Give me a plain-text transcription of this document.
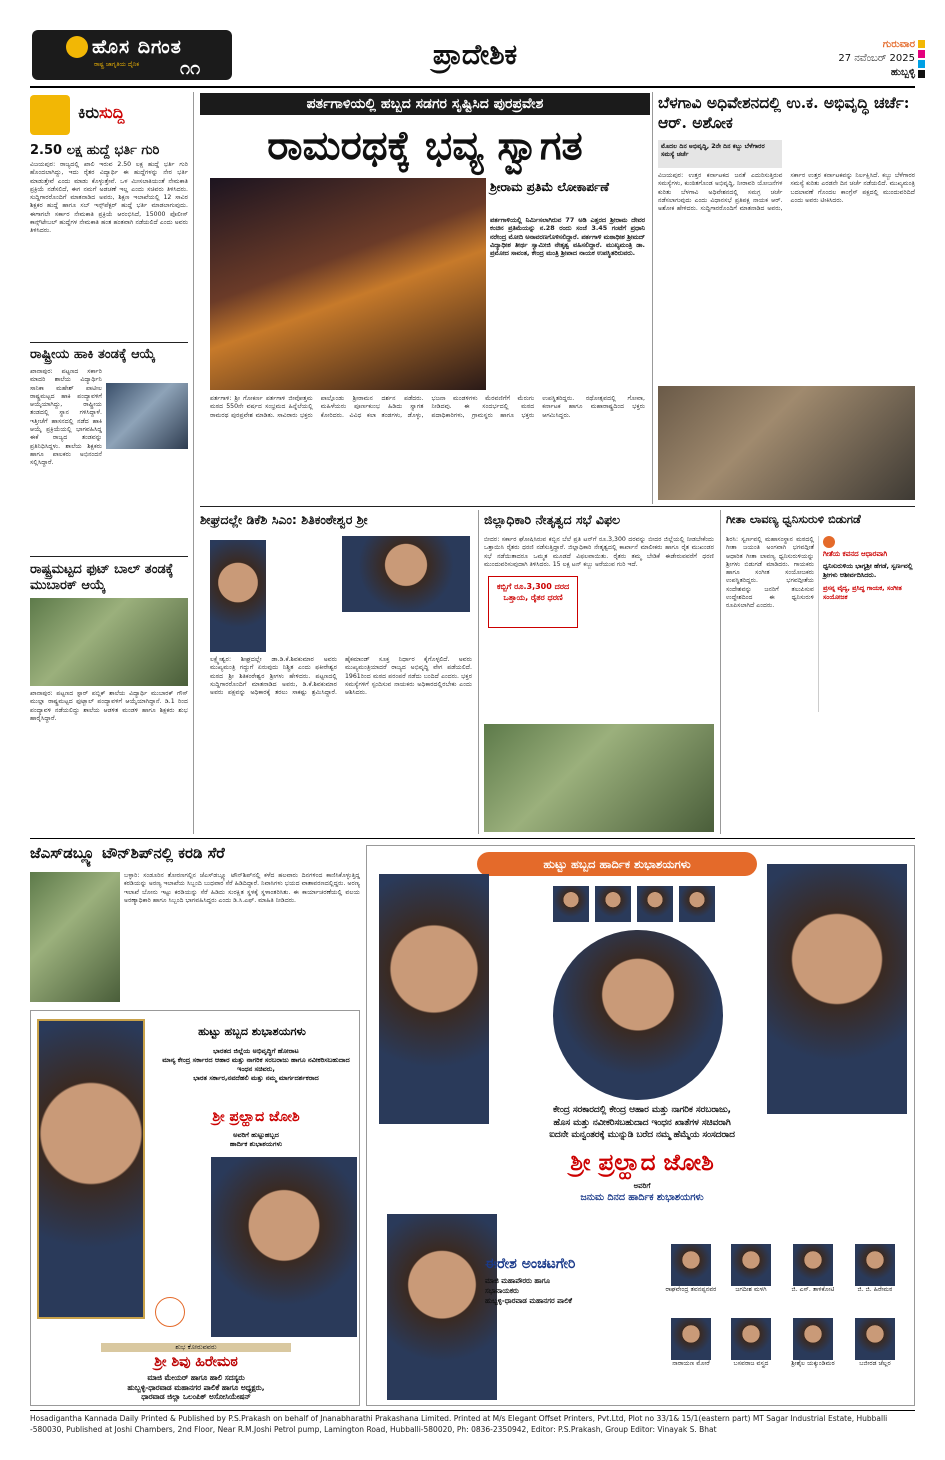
ಹೊಸ ದಿಗಂತ
ರಾಷ್ಟ್ರ ಜಾಗೃತಿಯ ದೈನಿಕ ೧೧	ಪ್ರಾದೇಶಿಕ	ಗುರುವಾರ
27 ನವೆಂಬರ್ 2025
ಹುಬ್ಬಳ್ಳಿ
ಕಿರುಸುದ್ದಿ
2.50 ಲಕ್ಷ ಹುದ್ದೆ ಭರ್ತಿ ಗುರಿ
ವಿಜಯಪುರ: ರಾಜ್ಯದಲ್ಲಿ ಖಾಲಿ ಇರುವ 2.50 ಲಕ್ಷ ಹುದ್ದೆ ಭರ್ತಿ ಗುರಿ ಹೊಂದಲಾಗಿದ್ದು, ಇದು ರೈತರ ವಿದ್ಯಾರ್ಥಿ ಈ ಹುದ್ದೆಗಳನ್ನು ನೇರ ಭರ್ತಿ ಮಾಡುತ್ತೇವೆ ಎಂದು ಮಾಡು ಕೊಳ್ಳುತ್ತೇವೆ. ಒಳ ಮೀಸಲಾತಿಯಂತೆ ನೇಮಕಾತಿ ಪ್ರಕ್ರಿಯೆ ನಡೆಸಲಿದೆ, ಈಗ ನಮಗೆ ಅಡಚಣೆ ಇಲ್ಲ ಎಂದು ಸಚಿವರು ತಿಳಿಸಿದರು. ಸುದ್ದಿಗಾರರೊಂದಿಗೆ ಮಾತನಾಡಿದ ಅವರು, ಶಿಕ್ಷಣ ಇಲಾಖೆಯಲ್ಲಿ 12 ಸಾವಿರ ಶಿಕ್ಷಕರ ಹುದ್ದೆ ಹಾಗೂ ಸಬ್ ಇನ್ಸ್‌ಪೆಕ್ಟರ್ ಹುದ್ದೆ ಭರ್ತಿ ಮಾಡಲಾಗುವುದು. ಈಗಾಗಲೇ ಸರ್ಕಾರ ನೇಮಕಾತಿ ಪ್ರಕ್ರಿಯೆ ಆರಂಭಿಸಿದೆ, 15000 ಪೊಲೀಸ್ ಕಾನ್ಸ್‌ಟೇಬಲ್ ಹುದ್ದೆಗಳ ನೇಮಕಾತಿ ಹಂತ ಹಂತವಾಗಿ ನಡೆಯಲಿದೆ ಎಂದು ಅವರು ತಿಳಿಸಿದರು.
ರಾಷ್ಟ್ರೀಯ ಹಾಕಿ ತಂಡಕ್ಕೆ ಆಯ್ಕೆ
ಖಾನಾಪುರ: ಪಟ್ಟಣದ ಸರ್ಕಾರಿ ಮಾದರಿ ಶಾಲೆಯ ವಿದ್ಯಾರ್ಥಿನಿ ಸಾನಿಕಾ ಮಹೇಶ್ ಪಾಟೀಲ ರಾಷ್ಟ್ರಮಟ್ಟದ ಹಾಕಿ ಪಂದ್ಯಾವಳಿಗೆ ಆಯ್ಕೆಯಾಗಿದ್ದು, ರಾಷ್ಟ್ರೀಯ ತಂಡದಲ್ಲಿ ಸ್ಥಾನ ಗಳಿಸಿದ್ದಾಳೆ. ಇತ್ತೀಚೆಗೆ ಹಾಸನದಲ್ಲಿ ನಡೆದ ಹಾಕಿ ಆಯ್ಕೆ ಪ್ರಕ್ರಿಯೆಯಲ್ಲಿ ಭಾಗವಹಿಸಿದ್ದ ಈಕೆ ರಾಜ್ಯದ ತಂಡವನ್ನು ಪ್ರತಿನಿಧಿಸಿದ್ದಳು. ಶಾಲೆಯ ಶಿಕ್ಷಕರು ಹಾಗೂ ಪಾಲಕರು ಅಭಿನಂದನೆ ಸಲ್ಲಿಸಿದ್ದಾರೆ.
ರಾಷ್ಟ್ರಮಟ್ಟದ ಫುಟ್ ಬಾಲ್ ತಂಡಕ್ಕೆ ಮುಬಾರಕ್ ಆಯ್ಕೆ
ಖಾನಾಪುರ: ಪಟ್ಟಣದ ಸ್ಟಾರ್ ಪಬ್ಲಿಕ್ ಶಾಲೆಯ ವಿದ್ಯಾರ್ಥಿ ಮುಬಾರಕ್ ಗೌಸ್ ಮುಲ್ಲಾ ರಾಷ್ಟ್ರಮಟ್ಟದ ಫುಟ್ಬಾಲ್ ಪಂದ್ಯಾವಳಿಗೆ ಆಯ್ಕೆಯಾಗಿದ್ದಾನೆ. ಡಿ.1 ರಿಂದ ಪಂದ್ಯಾವಳಿ ನಡೆಯಲಿದ್ದು ಶಾಲೆಯ ಆಡಳಿತ ಮಂಡಳಿ ಹಾಗೂ ಶಿಕ್ಷಕರು ಶುಭ ಹಾರೈಸಿದ್ದಾರೆ.
ಪರ್ತಗಾಳಿಯಲ್ಲಿ ಹಬ್ಬದ ಸಡಗರ ಸೃಷ್ಟಿಸಿದ ಪುರಪ್ರವೇಶ
ರಾಮರಥಕ್ಕೆ ಭವ್ಯ ಸ್ವಾಗತ
ಶ್ರೀರಾಮ ಪ್ರತಿಮೆ ಲೋಕಾರ್ಪಣೆ
ಪರ್ತಗಾಳಿಯಲ್ಲಿ ನಿರ್ಮಿಸಲಾಗಿರುವ 77 ಅಡಿ ಎತ್ತರದ ಶ್ರೀರಾಮ ದೇವರ ಕಂಚಿನ ಪ್ರತಿಮೆಯನ್ನು ನ.28 ರಂದು ಸಂಜೆ 3.45 ಗಂಟೆಗೆ ಪ್ರಧಾನಿ ನರೇಂದ್ರ ಮೋದಿ ಅನಾವರಣಗೊಳಿಸಲಿದ್ದಾರೆ. ಪರ್ತಗಾಳಿ ಮಠಾಧೀಶ ಶ್ರೀಮದ್ ವಿದ್ಯಾಧೀಶ ತೀರ್ಥ ಸ್ವಾಮೀಜಿ ನೇತೃತ್ವ ವಹಿಸಲಿದ್ದಾರೆ. ಮುಖ್ಯಮಂತ್ರಿ ಡಾ. ಪ್ರಮೋದ ಸಾವಂತ, ಕೇಂದ್ರ ಮಂತ್ರಿ ಶ್ರೀಪಾದ ನಾಯಕ ಉಪಸ್ಥಿತರಿರುವರು.
ಪರ್ತಗಾಳಿ: ಶ್ರೀ ಗೋಕರ್ಣ ಪರ್ತಗಾಳಿ ಜೀವೋತ್ತಮ ಮಠದ 550ನೇ ವರ್ಷದ ಸಂಭ್ರಮದ ಹಿನ್ನೆಲೆಯಲ್ಲಿ ರಾಮರಥ ಪುರಪ್ರವೇಶ ಮಾಡಿತು. ಸಾವಿರಾರು ಭಕ್ತರು ಪಾಲ್ಗೊಂಡು ಶ್ರೀರಾಮನ ದರ್ಶನ ಪಡೆದರು. ಮಹಿಳೆಯರು ಪೂರ್ಣಕುಂಭ ಹಿಡಿದು ಸ್ವಾಗತ ಕೋರಿದರು. ವಿವಿಧ ಕಲಾ ತಂಡಗಳು, ಡೊಳ್ಳು, ಭಜನಾ ಮಂಡಳಿಗಳು ಮೆರವಣಿಗೆಗೆ ಮೆರುಗು ನೀಡಿದವು. ಈ ಸಂದರ್ಭದಲ್ಲಿ ಮಠದ ಪದಾಧಿಕಾರಿಗಳು, ಗ್ರಾಮಸ್ಥರು ಹಾಗೂ ಭಕ್ತರು ಉಪಸ್ಥಿತರಿದ್ದರು. ರಥೋತ್ಸವದಲ್ಲಿ ಗೋವಾ, ಕರ್ನಾಟಕ ಹಾಗೂ ಮಹಾರಾಷ್ಟ್ರದಿಂದ ಭಕ್ತರು ಆಗಮಿಸಿದ್ದರು.
ಬೆಳಗಾವಿ ಅಧಿವೇಶನದಲ್ಲಿ ಉ.ಕ. ಅಭಿವೃದ್ಧಿ ಚರ್ಚೆ: ಆರ್. ಅಶೋಕ
ಮೊದಲ ದಿನ ಅಭಿವೃದ್ಧಿ, 2ನೇ ದಿನ ಕಬ್ಬು ಬೆಳೆಗಾರರ ಸಮಸ್ಯೆ ಚರ್ಚೆ
ವಿಜಯಪುರ: ಉತ್ತರ ಕರ್ನಾಟಕದ ಜನತೆ ಎದುರಿಸುತ್ತಿರುವ ಸಮಸ್ಯೆಗಳು, ಕುಂಠಿತಗೊಂಡ ಅಭಿವೃದ್ಧಿ, ನೀರಾವರಿ ಯೋಜನೆಗಳ ಕುರಿತು ಬೆಳಗಾವಿ ಅಧಿವೇಶನದಲ್ಲಿ ಸಮಗ್ರ ಚರ್ಚೆ ನಡೆಸಲಾಗುವುದು ಎಂದು ವಿಧಾನಸಭೆ ಪ್ರತಿಪಕ್ಷ ನಾಯಕ ಆರ್. ಅಶೋಕ ಹೇಳಿದರು. ಸುದ್ದಿಗಾರರೊಂದಿಗೆ ಮಾತನಾಡಿದ ಅವರು, ಸರ್ಕಾರ ಉತ್ತರ ಕರ್ನಾಟಕವನ್ನು ನಿರ್ಲಕ್ಷಿಸಿದೆ. ಕಬ್ಬು ಬೆಳೆಗಾರರ ಸಮಸ್ಯೆ ಕುರಿತು ಎರಡನೇ ದಿನ ಚರ್ಚೆ ನಡೆಯಲಿದೆ. ಮುಖ್ಯಮಂತ್ರಿ ಬದಲಾವಣೆ ಗೊಂದಲ ಕಾಂಗ್ರೆಸ್ ಪಕ್ಷದಲ್ಲಿ ಮುಂದುವರಿದಿದೆ ಎಂದು ಅವರು ಟೀಕಿಸಿದರು.
ಶೀಘ್ರದಲ್ಲೇ ಡಿಕೆಶಿ ಸಿಎಂ: ಶಿತಿಕಂಠೇಶ್ವರ ಶ್ರೀ
ಲಕ್ಷ್ಮೇಶ್ವರ: ಶೀಘ್ರದಲ್ಲೇ ಡಾ.ಡಿ.ಕೆ.ಶಿವಕುಮಾರ ಅವರು ಮುಖ್ಯಮಂತ್ರಿ ಗದ್ದುಗೆ ಏರುವುದು ನಿಶ್ಚಿತ ಎಂದು ಫಕೀರೇಶ್ವರ ಮಠದ ಶ್ರೀ ಶಿತಿಕಂಠೇಶ್ವರ ಶ್ರೀಗಳು ಹೇಳಿದರು. ಪಟ್ಟಣದಲ್ಲಿ ಸುದ್ದಿಗಾರರೊಂದಿಗೆ ಮಾತನಾಡಿದ ಅವರು, ಡಿ.ಕೆ.ಶಿವಕುಮಾರ ಅವರು ಪಕ್ಷವನ್ನು ಅಧಿಕಾರಕ್ಕೆ ತರಲು ಸಾಕಷ್ಟು ಶ್ರಮಿಸಿದ್ದಾರೆ. ಹೈಕಮಾಂಡ್ ಸೂಕ್ತ ನಿರ್ಧಾರ ಕೈಗೊಳ್ಳಲಿದೆ. ಅವರು ಮುಖ್ಯಮಂತ್ರಿಯಾದರೆ ರಾಜ್ಯದ ಅಭಿವೃದ್ಧಿ ವೇಗ ಪಡೆಯಲಿದೆ. 1961ರಿಂದ ಮಠದ ಪರಂಪರೆ ನಡೆದು ಬಂದಿದೆ ಎಂದರು. ಭಕ್ತರ ಸಮಸ್ಯೆಗಳಿಗೆ ಸ್ಪಂದಿಸುವ ನಾಯಕರು ಅಧಿಕಾರದಲ್ಲಿರಬೇಕು ಎಂದು ಆಶಿಸಿದರು.
ಜಿಲ್ಲಾಧಿಕಾರಿ ನೇತೃತ್ವದ ಸಭೆ ವಿಫಲ
ಬೀದರ: ಸರ್ಕಾರ ಘೋಷಿಸಿರುವ ಕಬ್ಬಿನ ಬೆಲೆ ಪ್ರತಿ ಟನ್‌ಗೆ ರೂ.3,300 ದರವನ್ನು ಬೀದರ ಜಿಲ್ಲೆಯಲ್ಲಿ ನೀಡಬೇಕೆಂದು ಒತ್ತಾಯಿಸಿ ರೈತರು ಧರಣಿ ನಡೆಸುತ್ತಿದ್ದಾರೆ. ಜಿಲ್ಲಾಧಿಕಾರಿ ನೇತೃತ್ವದಲ್ಲಿ ಕಾರ್ಖಾನೆ ಮಾಲೀಕರು ಹಾಗೂ ರೈತ ಮುಖಂಡರ ಸಭೆ ನಡೆಯಿತಾದರೂ ಒಮ್ಮತ ಮೂಡದೆ ವಿಫಲವಾಯಿತು. ರೈತರು ತಮ್ಮ ಬೇಡಿಕೆ ಈಡೇರುವವರೆಗೆ ಧರಣಿ ಮುಂದುವರಿಸುವುದಾಗಿ ತಿಳಿಸಿದರು. 15 ಲಕ್ಷ ಟನ್ ಕಬ್ಬು ಅರೆಯುವ ಗುರಿ ಇದೆ.
ಕಬ್ಬಿಗೆ ರೂ.3,300 ದರದ ಒತ್ತಾಯ, ರೈತರ ಧರಣಿ
ಗೀತಾ ಲಾವಣ್ಯ ಧ್ವನಿಸುರುಳಿ ಬಿಡುಗಡೆ
ಶಿರಸಿ: ಸ್ವರ್ಣವಲ್ಲಿ ಮಹಾಸಂಸ್ಥಾನ ಮಠದಲ್ಲಿ ಗೀತಾ ಜಯಂತಿ ಅಂಗವಾಗಿ ಭಗವದ್ಗೀತೆ ಆಧಾರಿತ ಗೀತಾ ಲಾವಣ್ಯ ಧ್ವನಿಸುರುಳಿಯನ್ನು ಶ್ರೀಗಳು ಬಿಡುಗಡೆ ಮಾಡಿದರು. ಗಾಯಕರು ಹಾಗೂ ಸಂಗೀತ ಸಂಯೋಜಕರು ಉಪಸ್ಥಿತರಿದ್ದರು. ಭಗವದ್ಗೀತೆಯ ಸಂದೇಶವನ್ನು ಜನರಿಗೆ ತಲುಪಿಸುವ ಉದ್ದೇಶದಿಂದ ಈ ಧ್ವನಿಸುರುಳಿ ರೂಪಿಸಲಾಗಿದೆ ಎಂದರು.
ಗೀತೆಯ ಕವನದ ಆಧಾರವಾಗಿ
ಧ್ವನಿಸುರುಳಿಯ ಭಾಗ್ಯಶ್ರೀ ಹೆಗಡೆ, ಸ್ವರ್ಣವಲ್ಲಿ ಶ್ರೀಗಳು ಆಶೀರ್ವದಿಸಿದರು.
ಪ್ರಸನ್ನ ವೈದ್ಯ, ಪ್ರಸಿದ್ಧ ಗಾಯಕ, ಸಂಗೀತ ಸಂಯೋಜಕ
ಜೆಎಸ್‌ಡಬ್ಲ್ಯೂ ಟೌನ್‌ಶಿಪ್‌ನಲ್ಲಿ ಕರಡಿ ಸೆರೆ
ಬಳ್ಳಾರಿ: ಸಂಡೂರಿನ ತೋರಣಗಲ್ಲಿನ ಜೆಎಸ್‌ಡಬ್ಲ್ಯೂ ಟೌನ್‌ಶಿಪ್‌ನಲ್ಲಿ ಕಳೆದ ಹಲವಾರು ದಿನಗಳಿಂದ ಕಾಣಿಸಿಕೊಳ್ಳುತ್ತಿದ್ದ ಕರಡಿಯನ್ನು ಅರಣ್ಯ ಇಲಾಖೆಯ ಸಿಬ್ಬಂದಿ ಬುಧವಾರ ಸೆರೆ ಹಿಡಿದಿದ್ದಾರೆ. ನಿವಾಸಿಗಳು ಭಯದ ವಾತಾವರಣದಲ್ಲಿದ್ದರು. ಅರಣ್ಯ ಇಲಾಖೆ ಬೋನು ಇಟ್ಟು ಕರಡಿಯನ್ನು ಸೆರೆ ಹಿಡಿದು ಸುರಕ್ಷಿತ ಸ್ಥಳಕ್ಕೆ ಸ್ಥಳಾಂತರಿಸಿತು. ಈ ಕಾರ್ಯಾಚರಣೆಯಲ್ಲಿ ವಲಯ ಅರಣ್ಯಾಧಿಕಾರಿ ಹಾಗೂ ಸಿಬ್ಬಂದಿ ಭಾಗವಹಿಸಿದ್ದರು ಎಂದು ಡಿ.ಸಿ.ಎಫ್. ಮಾಹಿತಿ ನೀಡಿದರು.
ಹುಟ್ಟು ಹಬ್ಬದ ಶುಭಾಶಯಗಳು
ಭಾರತದ ಜಿಲ್ಲೆಯ ಅಭಿವೃದ್ಧಿಗೆ ಹೋರಾಟ
ಮಾನ್ಯ ಕೇಂದ್ರ ಸರ್ಕಾರದ ಆಹಾರ ಮತ್ತು ನಾಗರಿಕ ಸರಬರಾಜು ಹಾಗೂ ನವೀಕರಿಸಬಹುದಾದ ಇಂಧನ ಸಚಿವರು,
ಭಾರತ ಸರ್ಕಾರ,ನವದೆಹಲಿ ಮತ್ತು ನಮ್ಮ ಮಾರ್ಗದರ್ಶಕರಾದ
ಶ್ರೀ ಪ್ರಲ್ಹಾದ ಜೋಶಿ
ಅವರಿಗೆ ಹುಟ್ಟುಹಬ್ಬದ
ಹಾರ್ದಿಕ ಶುಭಾಶಯಗಳು
ಶುಭ ಕೋರುವವರು
ಶ್ರೀ ಶಿವು ಹಿರೇಮಠ
ಮಾಜಿ ಮೇಯರ್ ಹಾಗೂ ಹಾಲಿ ಸದಸ್ಯರು
ಹುಬ್ಬಳ್ಳಿ-ಧಾರವಾಡ ಮಹಾನಗರ ಪಾಲಿಕೆ ಹಾಗೂ ಅಧ್ಯಕ್ಷರು,
ಧಾರವಾಡ ಜಿಲ್ಲಾ ಒಲಂಪಿಕ್ ಅಸೋಸಿಯೇಷನ್
ಹುಟ್ಟು ಹಬ್ಬದ ಹಾರ್ದಿಕ ಶುಭಾಶಯಗಳು
ಕೇಂದ್ರ ಸರಕಾರದಲ್ಲಿ ಕೇಂದ್ರ ಆಹಾರ ಮತ್ತು ನಾಗರಿಕ ಸರಬರಾಜು,
ಹೊಸ ಮತ್ತು ನವೀಕರಿಸಬಹುದಾದ ಇಂಧನ ಖಾತೆಗಳ ಸಚಿವರಾಗಿ
ಐದನೇ ಮನ್ವಂತರಕ್ಕೆ ಮುನ್ನುಡಿ ಬರೆದ ನಮ್ಮ ಹೆಮ್ಮೆಯ ಸಂಸದರಾದ
ಶ್ರೀ ಪ್ರಲ್ಹಾದ ಜೋಶಿ
ಅವರಿಗೆ
ಜನುಮ ದಿನದ ಹಾರ್ದಿಕ ಶುಭಾಶಯಗಳು
ಈರೇಶ ಅಂಚಟಗೇರಿ
ಮಾಜಿ ಮಹಾಪೌರರು ಹಾಗೂ
ಸಭಾನಾಯಕರು
ಹುಬ್ಬಳ್ಳಿ-ಧಾರವಾಡ ಮಹಾನಗರ ಪಾಲಿಕೆ
ರಾಘವೇಂದ್ರ ತವನಪ್ಪನವರ	ಜಗದೀಶ ಮಳಗಿ	ಜಿ. ಎಸ್. ತಾಳಿಕೋಟಿ	ಜಿ. ಜಿ. ಹಿರೇಮಠ
ನಾರಾಯಣ ಮೋರೆ	ಬಸವರಾಜ ವಸ್ತ್ರದ	ಶ್ರೀಶೈಲ ಯಕ್ಕುಂಡಿಮಠ	ಬಜೀರಡ ಜೆಲ್ಲರ
Hosadigantha Kannada Daily Printed & Published by P.S.Prakash on behalf of Jnanabharathi Prakashana Limited. Printed at M/s Elegant Offset Printers, Pvt.Ltd, Plot no 33/1& 15/1(eastern part) MT Sagar Industrial Estate, Hubballi -580030, Published at Joshi Chambers, 2nd Floor, Near R.M.Joshi Petrol pump, Lamington Road, Hubballi-580020, Ph: 0836-2350942, Editor: P.S.Prakash, Group Editor: Vinayak S. Bhat
